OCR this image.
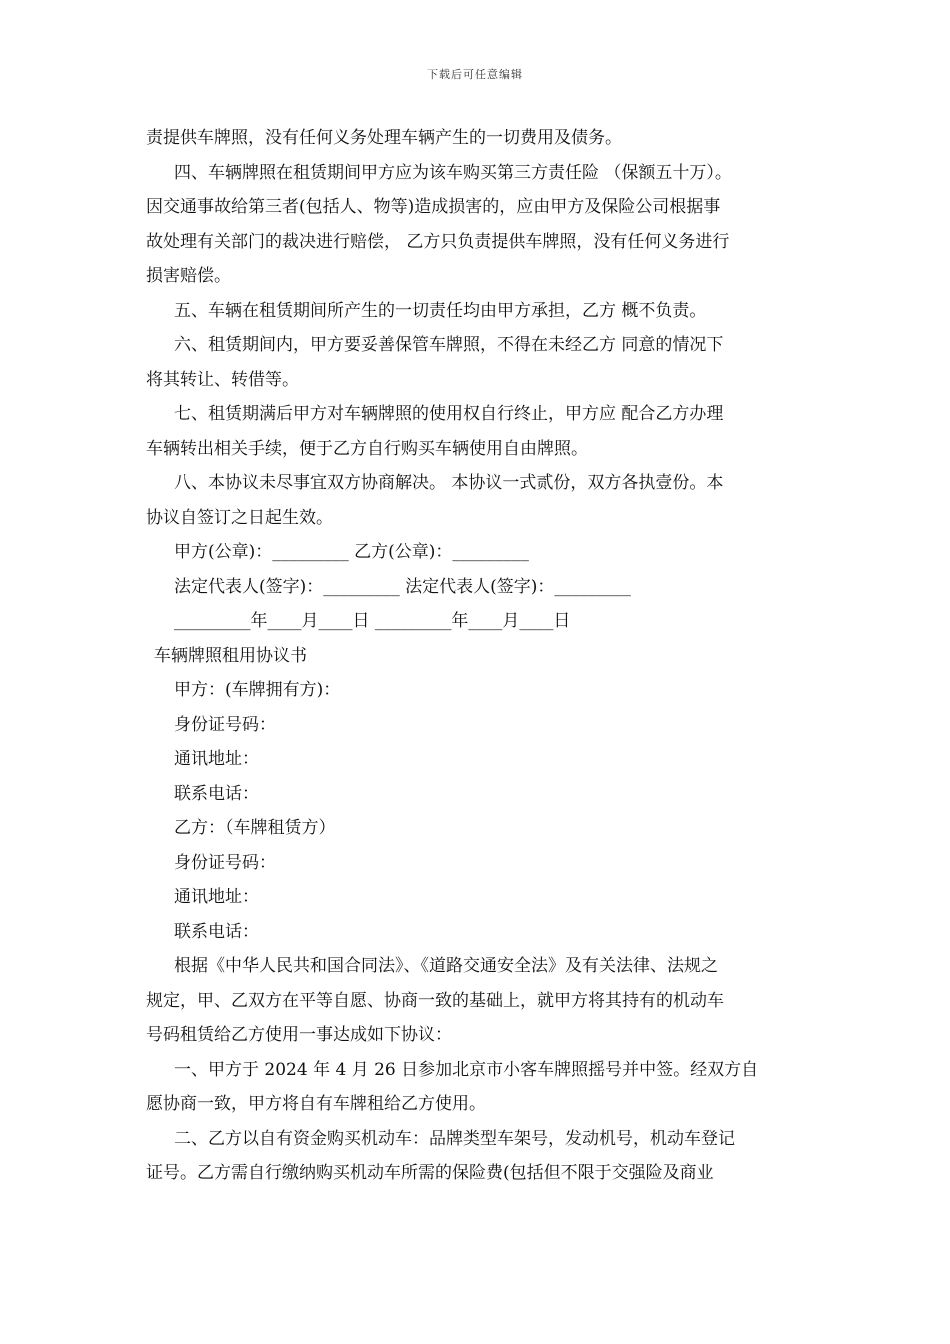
下载后可任意编辑

责提供车牌照，没有任何义务处理车辆产生的一切费用及债务。

四、车辆牌照在租赁期间甲方应为该车购买第三方责任险 （保额五十万）。

因交通事故给第三者(包括人、物等)造成损害的，应由甲方及保险公司根据事

故处理有关部门的裁决进行赔偿， 乙方只负责提供车牌照，没有任何义务进行

损害赔偿。

五、车辆在租赁期间所产生的一切责任均由甲方承担，乙方 概不负责。

六、租赁期间内，甲方要妥善保管车牌照，不得在未经乙方 同意的情况下

将其转让、转借等。

七、租赁期满后甲方对车辆牌照的使用权自行终止，甲方应 配合乙方办理

车辆转出相关手续，便于乙方自行购买车辆使用自由牌照。

八、本协议未尽事宜双方协商解决。 本协议一式贰份，双方各执壹份。本

协议自签订之日起生效。

甲方(公章)：_________ 乙方(公章)：_________

法定代表人(签字)：_________ 法定代表人(签字)：_________

_________年____月____日 _________年____月____日

车辆牌照租用协议书

甲方：(车牌拥有方)：

身份证号码：

通讯地址：

联系电话：

乙方：（车牌租赁方）

身份证号码：

通讯地址：

联系电话：

根据《中华人民共和国合同法》、《道路交通安全法》及有关法律、法规之

规定，甲、乙双方在平等自愿、协商一致的基础上，就甲方将其持有的机动车

号码租赁给乙方使用一事达成如下协议：

一、甲方于 2024 年 4 月 26 日参加北京市小客车牌照摇号并中签。经双方自

愿协商一致，甲方将自有车牌租给乙方使用。

二、乙方以自有资金购买机动车：品牌类型车架号，发动机号，机动车登记

证号。乙方需自行缴纳购买机动车所需的保险费(包括但不限于交强险及商业
